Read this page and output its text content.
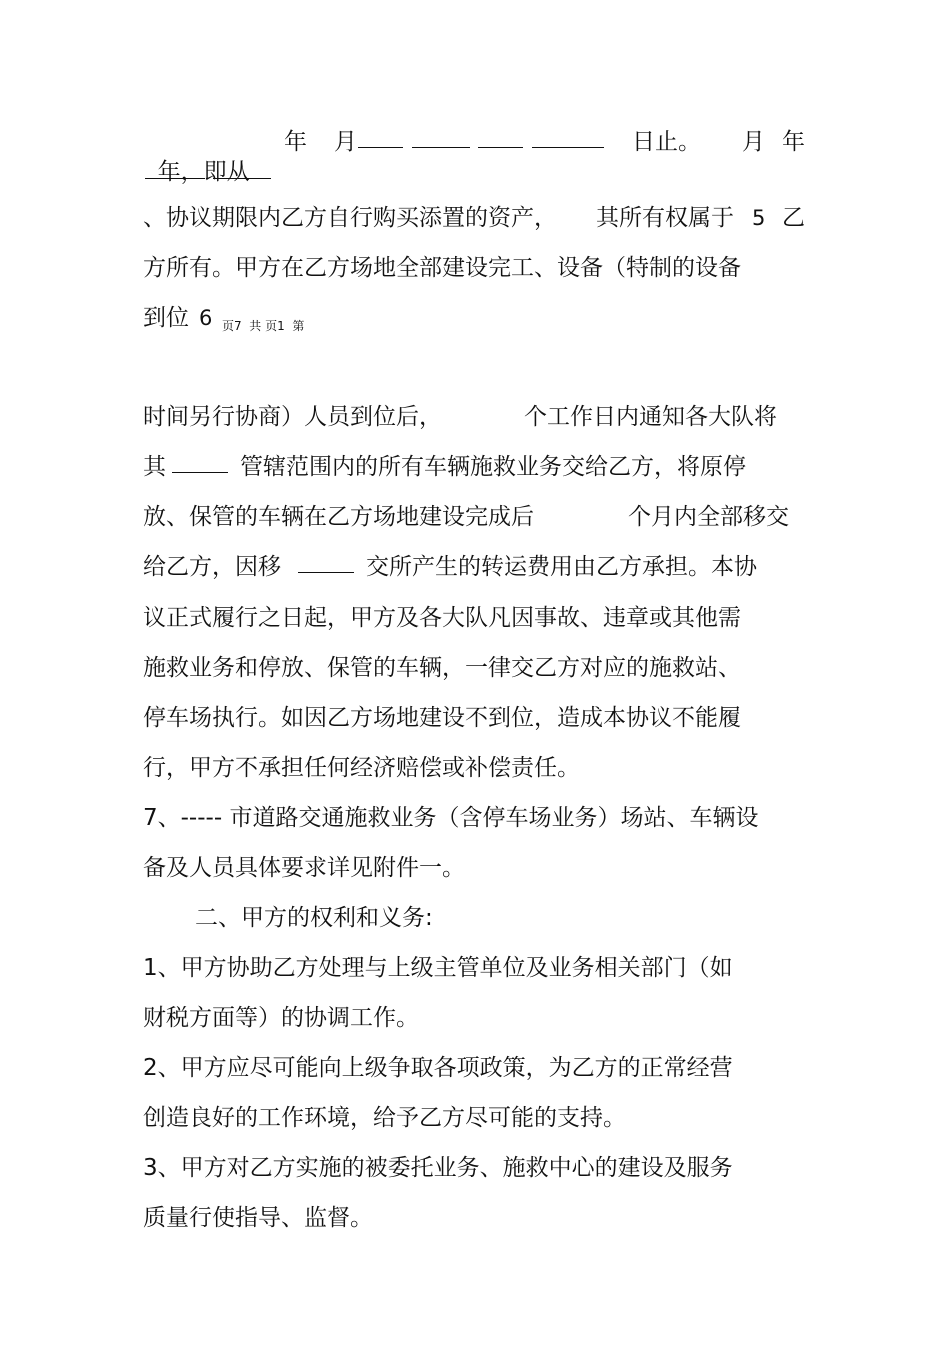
年，即从

年 月	日止。 月 年
、协议期限内乙方自行购买添置的资产， 其所有权属于 5 乙
方所有。甲方在乙方场地全部建设完工、设备（特制的设备
到位 6 页7  共 页1  第
时间另行协商）人员到位后，	个工作日内通知各大队将
其	管辖范围内的所有车辆施救业务交给乙方，将原停
放、保管的车辆在乙方场地建设完成后	个月内全部移交
给乙方，因移	交所产生的转运费用由乙方承担。本协
议正式履行之日起，甲方及各大队凡因事故、违章或其他需
施救业务和停放、保管的车辆，一律交乙方对应的施救站、
停车场执行。如因乙方场地建设不到位，造成本协议不能履
行，甲方不承担任何经济赔偿或补偿责任。
7、----- 市道路交通施救业务（含停车场业务）场站、车辆设
备及人员具体要求详见附件一。
二、甲方的权利和义务:
1、甲方协助乙方处理与上级主管单位及业务相关部门（如
财税方面等）的协调工作。
2、甲方应尽可能向上级争取各项政策，为乙方的正常经营
创造良好的工作环境，给予乙方尽可能的支持。
3、甲方对乙方实施的被委托业务、施救中心的建设及服务
质量行使指导、监督。
